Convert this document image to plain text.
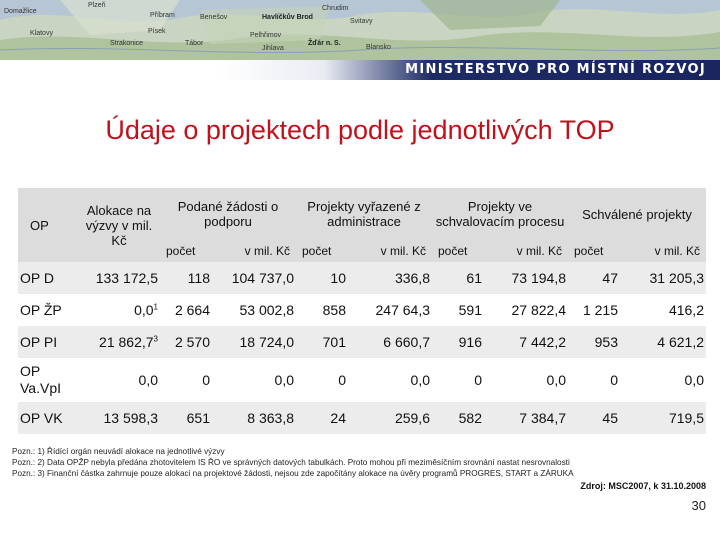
Domažlice
Plzeň
Příbram
Klatovy
Strakonice
Písek
Tábor
Benešov	Havlíčkův Brod
Pelhřimov
Jihlava
Svitavy
Žďár n. S.
Blansko
Chrudim
MINISTERSTVO PRO MÍSTNÍ ROZVOJ
Údaje o projektech podle jednotlivých TOP
OP	Alokace na výzvy v mil. Kč	Podané žádosti o podporu		Projekty vyřazené z administrace		Projekty ve schvalovacím procesu		Schválené projekty	
		počet	v mil. Kč	počet	v mil. Kč	počet	v mil. Kč	počet	v mil. Kč
OP D	133 172,5	118	104 737,0	10	336,8	61	73 194,8	47	31 205,3
OP ŽP	$0,0^1$	2 664	53 002,8	858	247 64,3	591	27 822,4	1 215	416,2
OP PI	21 862,7$^3$	2 570	18 724,0	701	6 660,7	916	7 442,2	953	4 621,2
OP Va.VpI	0,0	0	0,0	0	0,0	0	0,0	0	0,0
OP VK	13 598,3	651	8 363,8	24	259,6	582	7 384,7	45	719,5
Pozn.: 1) Řídící orgán neuvádí alokace na jednotlivé výzvy
Pozn.: 2) Data OPŽP nebyla předána zhotovitelem IS ŘO ve správných datových tabulkách. Proto mohou při meziměsíčním srovnání nastat nesrovnalosti
Pozn.: 3) Finanční částka zahrnuje pouze alokaci na projektové žádosti, nejsou zde započítány alokace na úvěry programů PROGRES, START a ZÁRUKA
Zdroj: MSC2007, k 31.10.2008
30
